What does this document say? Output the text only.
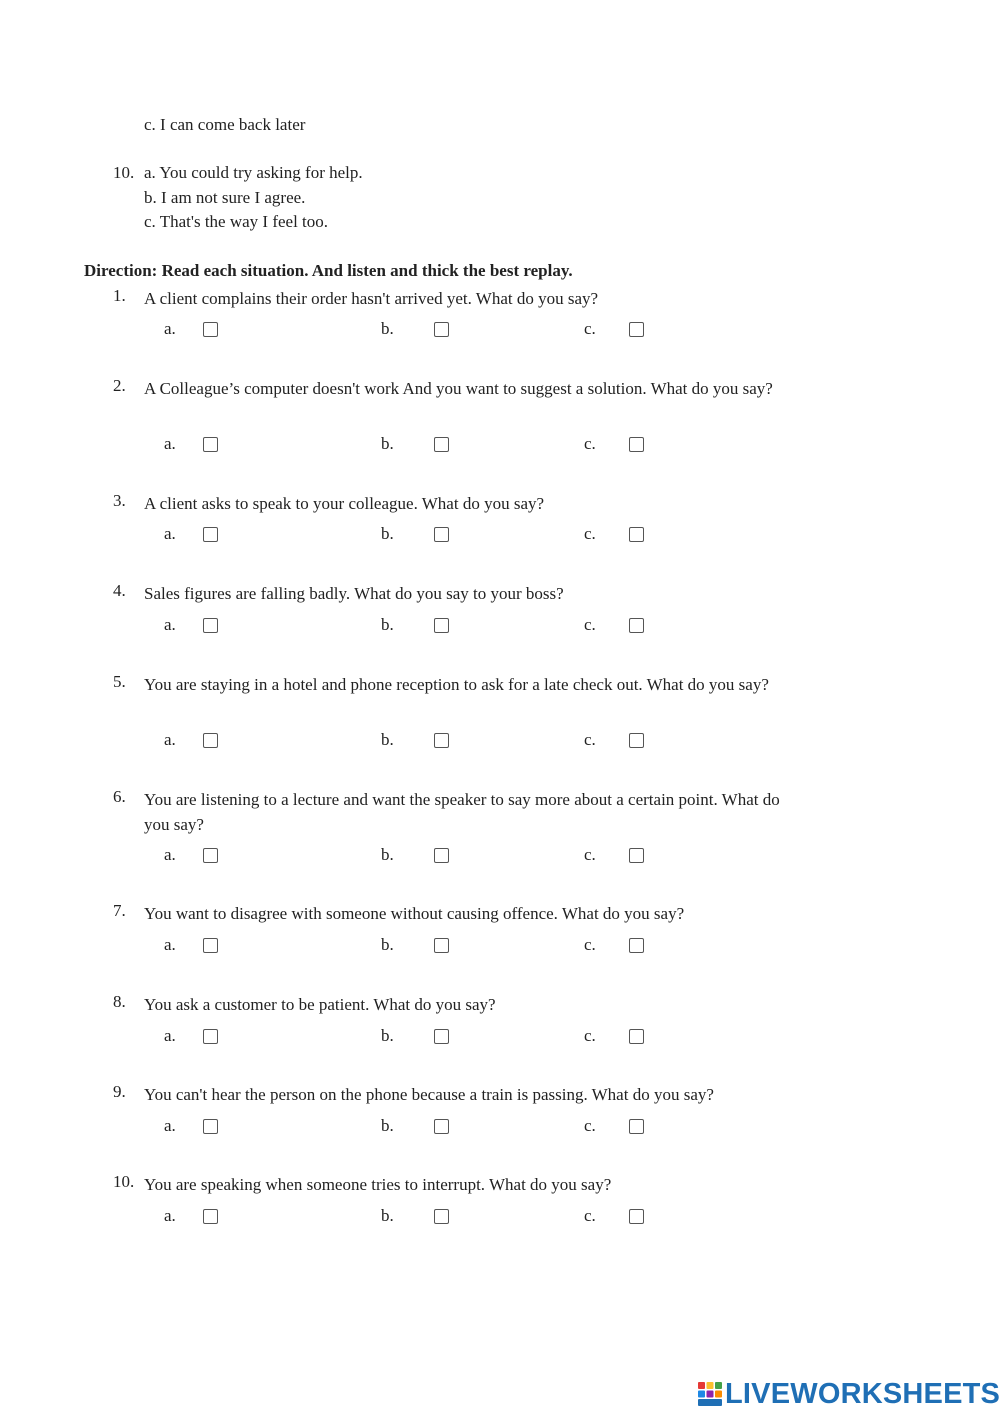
c. I can come back later
10. a. You could try asking for help.
b. I am not sure I agree.
c. That's the way I feel too.
Direction: Read each situation. And listen and thick the best replay.
1. A client complains their order hasn't arrived yet. What do you say?
a.	b.	c.
2. A Colleague’s computer doesn't work And you want to suggest a solution. What do you say?
a.	b.	c.
3. A client asks to speak to your colleague. What do you say?
a.	b.	c.
4. Sales figures are falling badly. What do you say to your boss?
a.	b.	c.
5. You are staying in a hotel and phone reception to ask for a late check out. What do you say?
a.	b.	c.
6. You are listening to a lecture and want the speaker to say more about a certain point. What do you say?
a.	b.	c.
7. You want to disagree with someone without causing offence. What do you say?
a.	b.	c.
8. You ask a customer to be patient. What do you say?
a.	b.	c.
9. You can't hear the person on the phone because a train is passing. What do you say?
a.	b.	c.
10. You are speaking when someone tries to interrupt. What do you say?
a.	b.	c.
LIVEWORKSHEETS
